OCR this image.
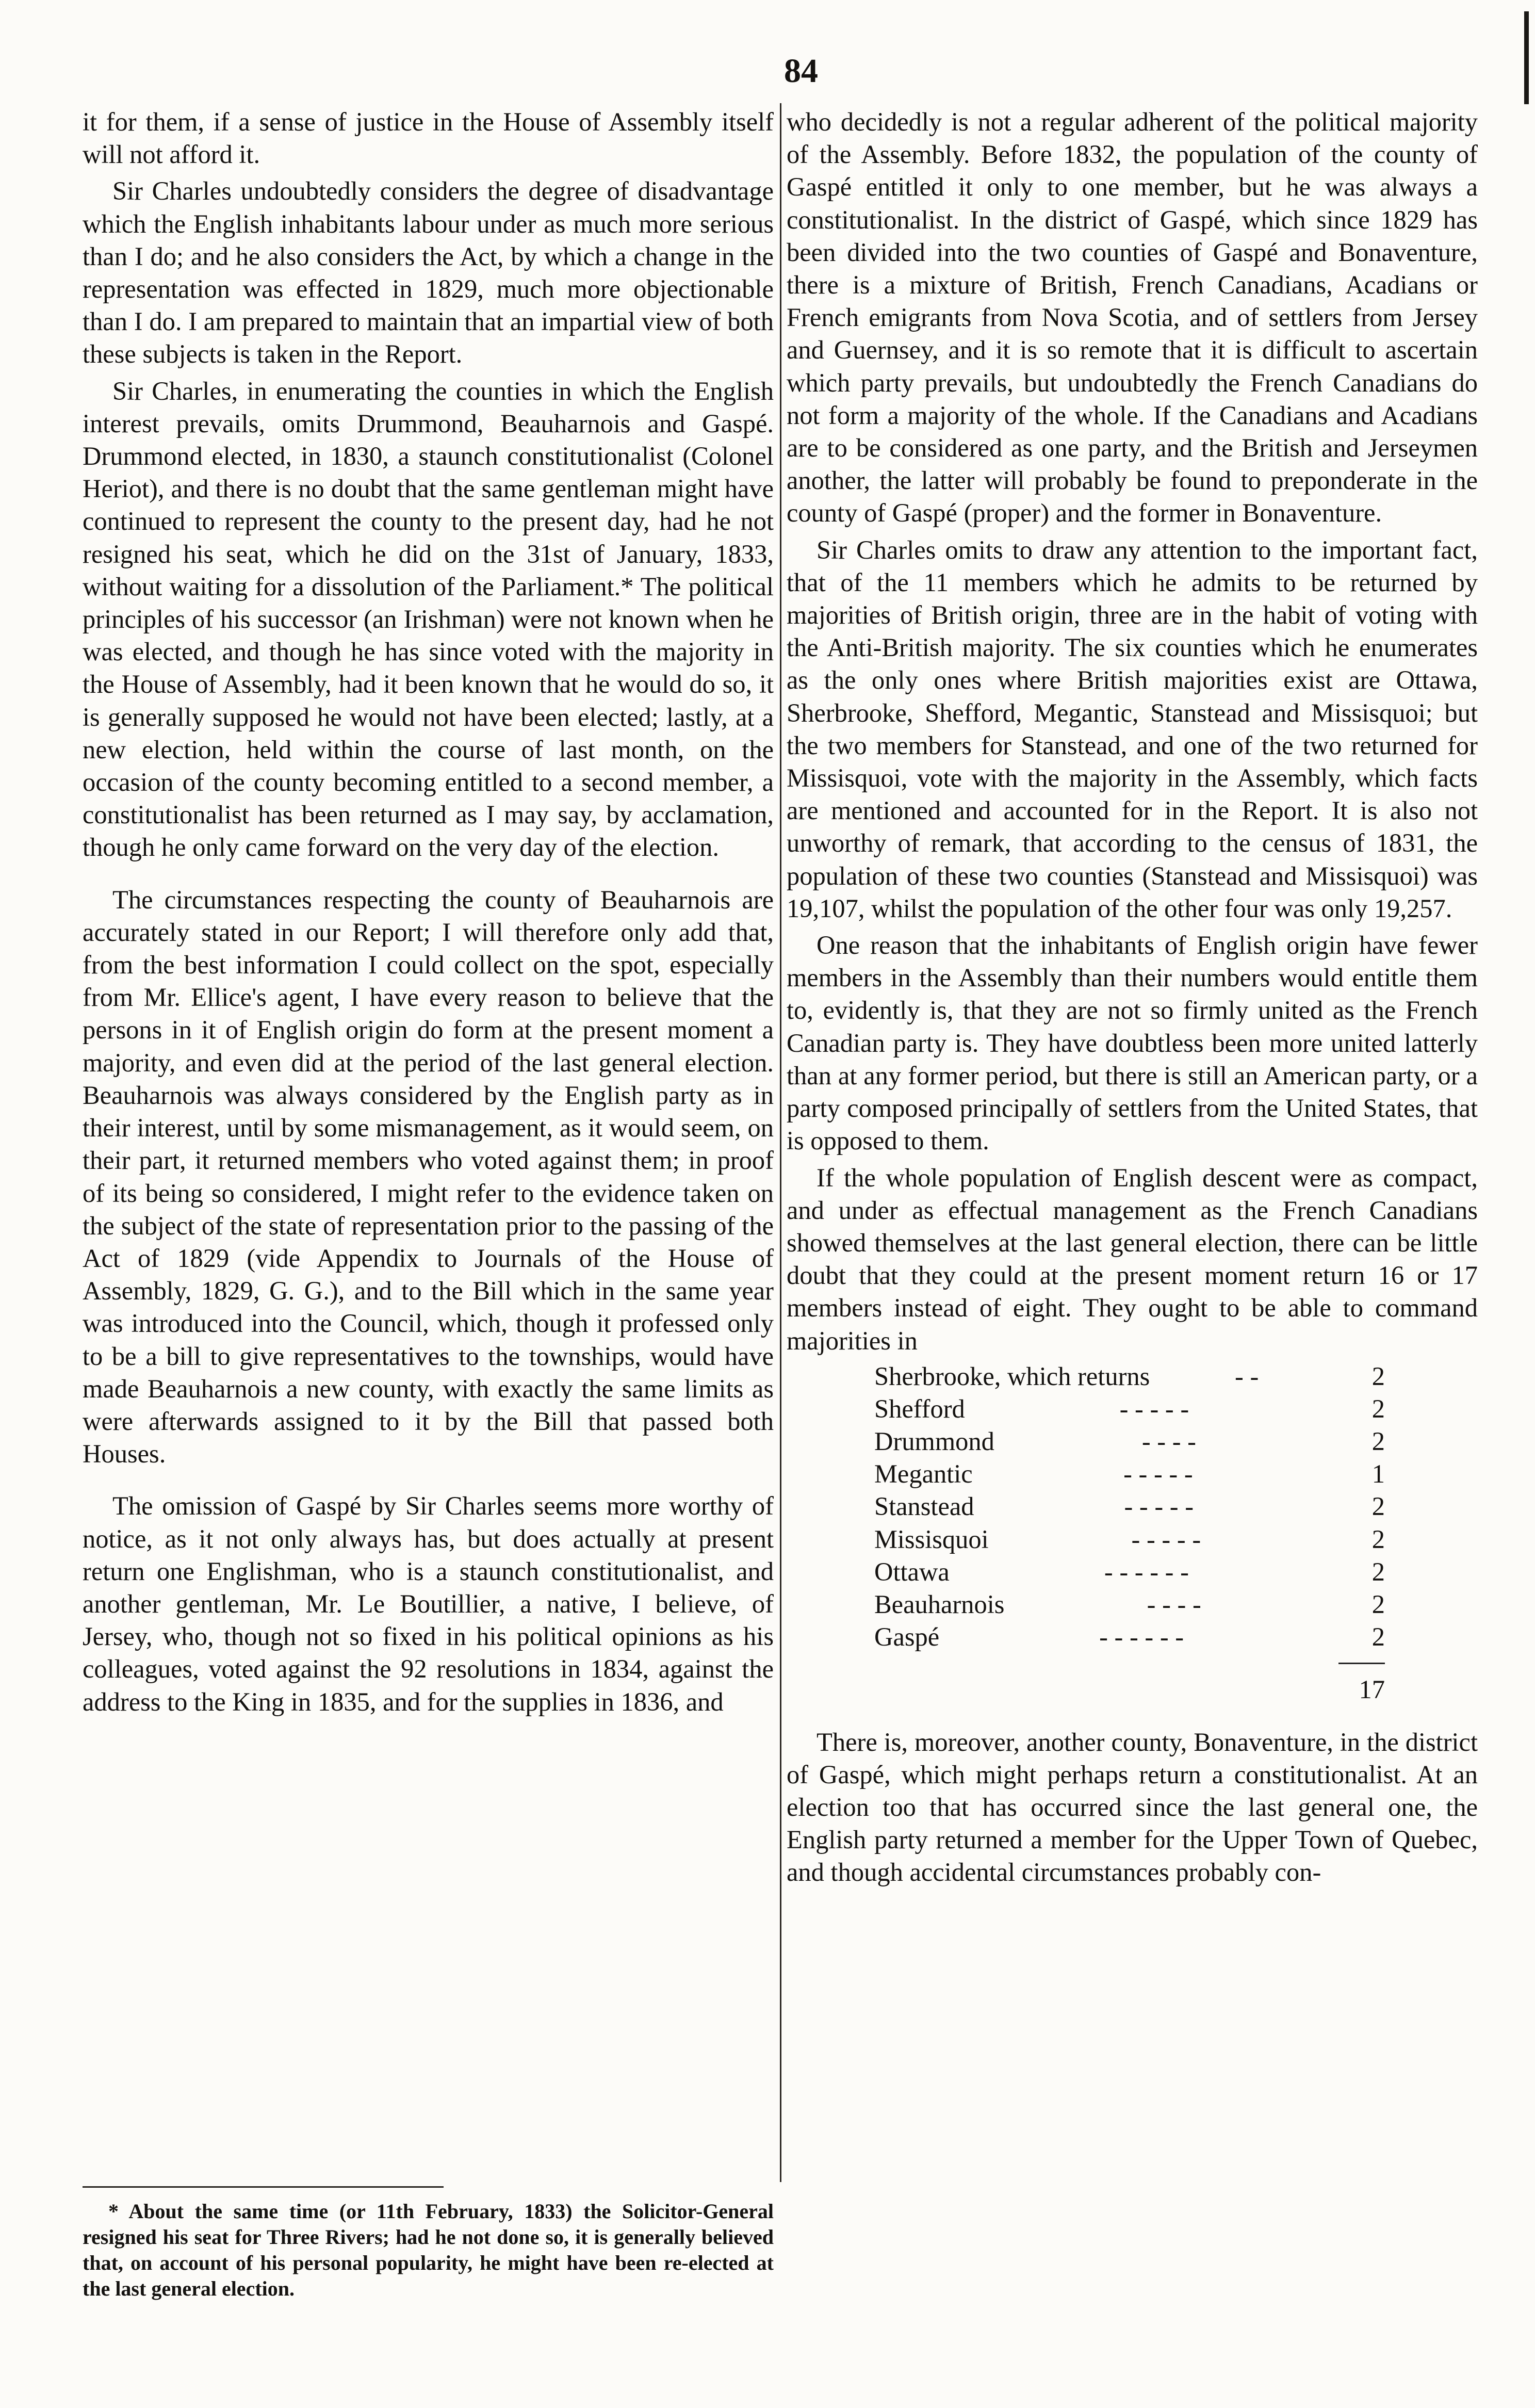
84

it for them, if a sense of justice in the House of Assembly itself will not afford it.

Sir Charles undoubtedly considers the degree of disadvantage which the English inhabitants labour under as much more serious than I do; and he also considers the Act, by which a change in the representation was effected in 1829, much more objectionable than I do. I am prepared to maintain that an impartial view of both these subjects is taken in the Report.

Sir Charles, in enumerating the counties in which the English interest prevails, omits Drummond, Beauharnois and Gaspé. Drummond elected, in 1830, a staunch constitutionalist (Colonel Heriot), and there is no doubt that the same gentleman might have continued to represent the county to the present day, had he not resigned his seat, which he did on the 31st of January, 1833, without waiting for a dissolution of the Parliament.* The political principles of his successor (an Irishman) were not known when he was elected, and though he has since voted with the majority in the House of Assembly, had it been known that he would do so, it is generally supposed he would not have been elected; lastly, at a new election, held within the course of last month, on the occasion of the county becoming entitled to a second member, a constitutionalist has been returned as I may say, by acclamation, though he only came forward on the very day of the election.

The circumstances respecting the county of Beauharnois are accurately stated in our Report; I will therefore only add that, from the best information I could collect on the spot, especially from Mr. Ellice's agent, I have every reason to believe that the persons in it of English origin do form at the present moment a majority, and even did at the period of the last general election. Beauharnois was always considered by the English party as in their interest, until by some mismanagement, as it would seem, on their part, it returned members who voted against them; in proof of its being so considered, I might refer to the evidence taken on the subject of the state of representation prior to the passing of the Act of 1829 (vide Appendix to Journals of the House of Assembly, 1829, G. G.), and to the Bill which in the same year was introduced into the Council, which, though it professed only to be a bill to give representatives to the townships, would have made Beauharnois a new county, with exactly the same limits as were afterwards assigned to it by the Bill that passed both Houses.

The omission of Gaspé by Sir Charles seems more worthy of notice, as it not only always has, but does actually at present return one Englishman, who is a staunch constitutionalist, and another gentleman, Mr. Le Boutillier, a native, I believe, of Jersey, who, though not so fixed in his political opinions as his colleagues, voted against the 92 resolutions in 1834, against the address to the King in 1835, and for the supplies in 1836, and

who decidedly is not a regular adherent of the political majority of the Assembly. Before 1832, the population of the county of Gaspé entitled it only to one member, but he was always a constitutionalist. In the district of Gaspé, which since 1829 has been divided into the two counties of Gaspé and Bonaventure, there is a mixture of British, French Canadians, Acadians or French emigrants from Nova Scotia, and of settlers from Jersey and Guernsey, and it is so remote that it is difficult to ascertain which party prevails, but undoubtedly the French Canadians do not form a majority of the whole. If the Canadians and Acadians are to be considered as one party, and the British and Jerseymen another, the latter will probably be found to preponderate in the county of Gaspé (proper) and the former in Bonaventure.

Sir Charles omits to draw any attention to the important fact, that of the 11 members which he admits to be returned by majorities of British origin, three are in the habit of voting with the Anti-British majority. The six counties which he enumerates as the only ones where British majorities exist are Ottawa, Sherbrooke, Shefford, Megantic, Stanstead and Missisquoi; but the two members for Stanstead, and one of the two returned for Missisquoi, vote with the majority in the Assembly, which facts are mentioned and accounted for in the Report. It is also not unworthy of remark, that according to the census of 1831, the population of these two counties (Stanstead and Missisquoi) was 19,107, whilst the population of the other four was only 19,257.

One reason that the inhabitants of English origin have fewer members in the Assembly than their numbers would entitle them to, evidently is, that they are not so firmly united as the French Canadian party is. They have doubtless been more united latterly than at any former period, but there is still an American party, or a party composed principally of settlers from the United States, that is opposed to them.

If the whole population of English descent were as compact, and under as effectual management as the French Canadians showed themselves at the last general election, there can be little doubt that they could at the present moment return 16 or 17 members instead of eight. They ought to be able to command majorities in

Sherbrooke, which returns	- -	2
Shefford	- - - - -	2
Drummond	- - - -	2
Megantic	- - - - -	1
Stanstead	- - - - -	2
Missisquoi	- - - - -	2
Ottawa	- - - - - -	2
Beauharnois	- - - -	2
Gaspé	- - - - - -	2
17

There is, moreover, another county, Bonaventure, in the district of Gaspé, which might perhaps return a constitutionalist. At an election too that has occurred since the last general one, the English party returned a member for the Upper Town of Quebec, and though accidental circumstances probably con-

* About the same time (or 11th February, 1833) the Solicitor-General resigned his seat for Three Rivers; had he not done so, it is generally believed that, on account of his personal popularity, he might have been re-elected at the last general election.
